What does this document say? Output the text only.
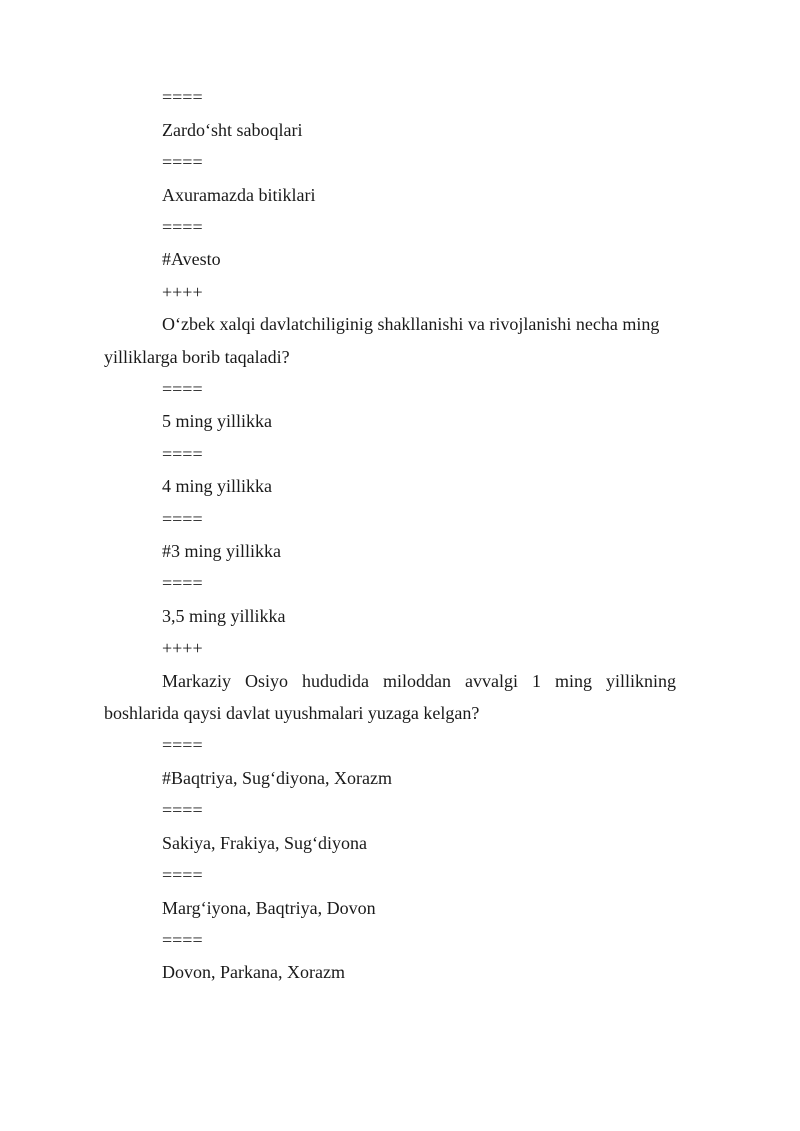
====
Zardo‘sht saboqlari
====
Axuramazda bitiklari
====
#Avesto
++++
O‘zbek xalqi davlatchiliginig shakllanishi va rivojlanishi necha ming
yilliklarga borib taqaladi?
====
5 ming yillikka
====
4 ming yillikka
====
#3 ming yillikka
====
3,5 ming yillikka
++++
Markaziy Osiyo hududida miloddan avvalgi 1 ming yillikning
boshlarida qaysi davlat uyushmalari yuzaga kelgan?
====
#Baqtriya, Sug‘diyona, Xorazm
====
Sakiya, Frakiya, Sug‘diyona
====
Marg‘iyona, Baqtriya, Dovon
====
Dovon, Parkana, Xorazm
